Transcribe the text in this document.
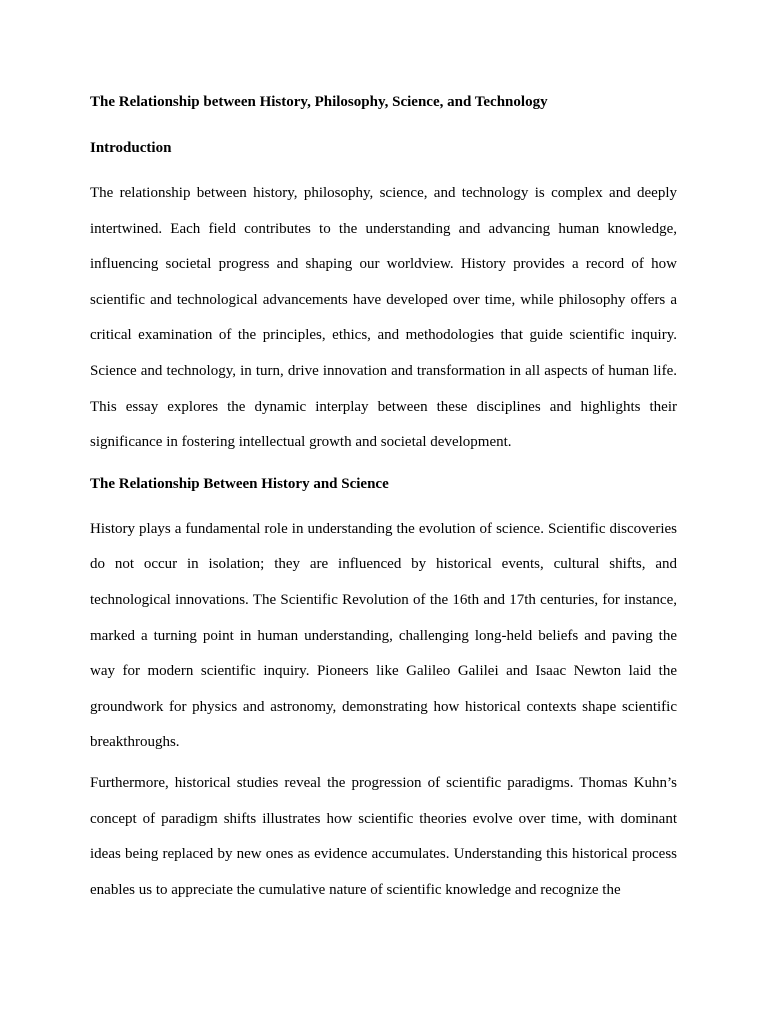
The Relationship between History, Philosophy, Science, and Technology
Introduction

The relationship between history, philosophy, science, and technology is complex and deeply intertwined. Each field contributes to the understanding and advancing human knowledge, influencing societal progress and shaping our worldview. History provides a record of how scientific and technological advancements have developed over time, while philosophy offers a critical examination of the principles, ethics, and methodologies that guide scientific inquiry. Science and technology, in turn, drive innovation and transformation in all aspects of human life. This essay explores the dynamic interplay between these disciplines and highlights their significance in fostering intellectual growth and societal development.

The Relationship Between History and Science

History plays a fundamental role in understanding the evolution of science. Scientific discoveries do not occur in isolation; they are influenced by historical events, cultural shifts, and technological innovations. The Scientific Revolution of the 16th and 17th centuries, for instance, marked a turning point in human understanding, challenging long-held beliefs and paving the way for modern scientific inquiry. Pioneers like Galileo Galilei and Isaac Newton laid the groundwork for physics and astronomy, demonstrating how historical contexts shape scientific breakthroughs.

Furthermore, historical studies reveal the progression of scientific paradigms. Thomas Kuhn’s concept of paradigm shifts illustrates how scientific theories evolve over time, with dominant ideas being replaced by new ones as evidence accumulates. Understanding this historical process enables us to appreciate the cumulative nature of scientific knowledge and recognize the
